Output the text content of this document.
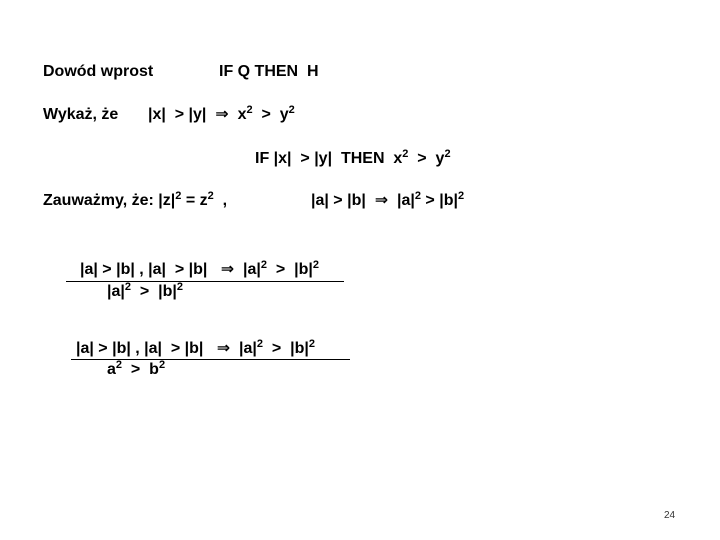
Dowód wprost	IF Q THEN  H
Wykaż, że |x|  > |y|  ⇒  $x^2 > y^2$
IF |x|  > |y|  THEN  $x^2 > y^2$
Zauważmy, że: $|z|^2 = z^2$  ,	|a| > |b|  ⇒  $|a|^2 > |b|^2$
|a| > |b| , |a|  > |b|   ⇒  $|a|^2 > |b|^2$
$|a|^2 > |b|^2$
|a| > |b| , |a|  > |b|   ⇒  $|a|^2 > |b|^2$
$a^2 > b^2$
24
